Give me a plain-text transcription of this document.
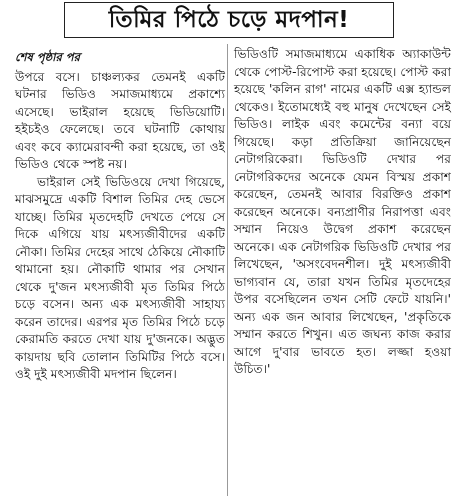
তিমির পিঠে চড়ে মদপান!
শেষ পৃষ্ঠার পর

উপরে বসে। চাঞ্চল্যকর তেমনই একটি ঘটনার ভিডিও সমাজমাধ্যমে প্রকাশ্যে এসেছে। ভাইরাল হয়েছে ভিডিয়োটি। হইচইও ফেলেছে। তবে ঘটনাটি কোথায় এবং কবে ক্যামেরাবন্দী করা হয়েছে, তা ওই ভিডিও থেকে স্পষ্ট নয়।

ভাইরাল সেই ভিডিওয়ে দেখা গিয়েছে, মাঝসমুদ্রে একটি বিশাল তিমির দেহ ভেসে যাচ্ছে। তিমির মৃতদেহটি দেখতে পেয়ে সে দিকে এগিয়ে যায় মৎস্যজীবীদের একটি নৌকা। তিমির দেহের সাথে ঠেকিয়ে নৌকাটি থামানো হয়। নৌকাটি থামার পর সেখান থেকে দু'জন মৎস্যজীবী মৃত তিমির পিঠে চড়ে বসেন। অন্য এক মৎস্যজীবী সাহায্য করেন তাদের। এরপর মৃত তিমির পিঠে চড়ে কেরামতি করতে দেখা যায় দু'জনকে। অদ্ভুত কায়দায় ছবি তোলান তিমিটির পিঠে বসে। ওই দুই মৎস্যজীবী মদপান ছিলেন।

ভিডিওটি সমাজমাধ্যমে একাধিক অ্যাকাউন্ট থেকে পোস্ট-রিপোস্ট করা হয়েছে। পোস্ট করা হয়েছে 'কলিন রাগ' নামের একটি এক্স হ্যান্ডল থেকেও। ইতোমধ্যেই বহু মানুষ দেখেছেন সেই ভিডিও। লাইক এবং কমেন্টের বন্যা বয়ে গিয়েছে। কড়া প্রতিক্রিয়া জানিয়েছেন নেটাগরিকেরা। ভিডিওটি দেখার পর নেটাগরিকদের অনেকে যেমন বিস্ময় প্রকাশ করেছেন, তেমনই আবার বিরক্তিও প্রকাশ করেছেন অনেকে। বন্যপ্রাণীর নিরাপত্তা এবং সম্মান নিয়েও উদ্বেগ প্রকাশ করেছেন অনেকে। এক নেটাগরিক ভিডিওটি দেখার পর লিখেছেন, 'অসংবেদনশীল। দুই মৎস্যজীবী ভাগ্যবান যে, তারা যখন তিমির মৃতদেহের উপর বসেছিলেন তখন সেটি ফেটে যায়নি।' অন্য এক জন আবার লিখেছেন, 'প্রকৃতিকে সম্মান করতে শিখুন। এত জঘন্য কাজ করার আগে দু'বার ভাবতে হত। লজ্জা হওয়া উচিত।'
